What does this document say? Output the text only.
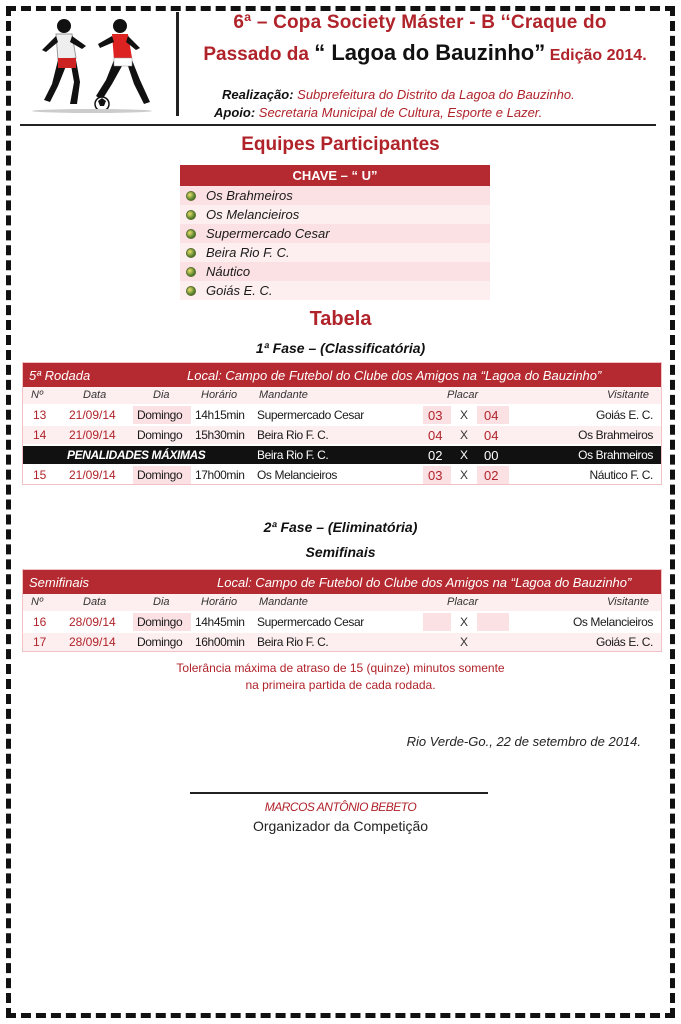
6ª – Copa Society Máster - B ‘‘Craque do
Passado da “ Lagoa do Bauzinho” Edição 2014.
Realização: Subprefeitura do Distrito da Lagoa do Bauzinho.
Apoio: Secretaria Municipal de Cultura, Esporte e Lazer.
Equipes Participantes
CHAVE – “ U”
Os Brahmeiros
Os Melancieiros
Supermercado Cesar
Beira Rio F. C.
Náutico
Goiás E. C.
Tabela
1ª Fase – (Classificatória)
5ª Rodada	Local: Campo de Futebol do Clube dos Amigos na “Lagoa do Bauzinho”
Nº	Data	Dia	Horário Mandante	Placar	Visitante
13 21/09/14 Domingo 14h15min Supermercado Cesar	03 X 04	Goiás E. C.
14 21/09/14 Domingo 15h30min Beira Rio F. C.	04 X 04	Os Brahmeiros
PENALIDADES MÁXIMAS	Beira Rio F. C.	02 X 00	Os Brahmeiros
15 21/09/14 Domingo 17h00min Os Melancieiros	03 X 02	Náutico F. C.
2ª Fase – (Eliminatória)
Semifinais
Semifinais	Local: Campo de Futebol do Clube dos Amigos na “Lagoa do Bauzinho”
Nº	Data	Dia	Horário Mandante	Placar	Visitante
16 28/09/14 Domingo 14h45min Supermercado Cesar	X	Os Melancieiros
17 28/09/14 Domingo 16h00min Beira Rio F. C.	X	Goiás E. C.
Tolerância máxima de atraso de 15 (quinze) minutos somente
na primeira partida de cada rodada.
Rio Verde-Go., 22 de setembro de 2014.
MARCOS ANTÔNIO BEBETO
Organizador da Competição
